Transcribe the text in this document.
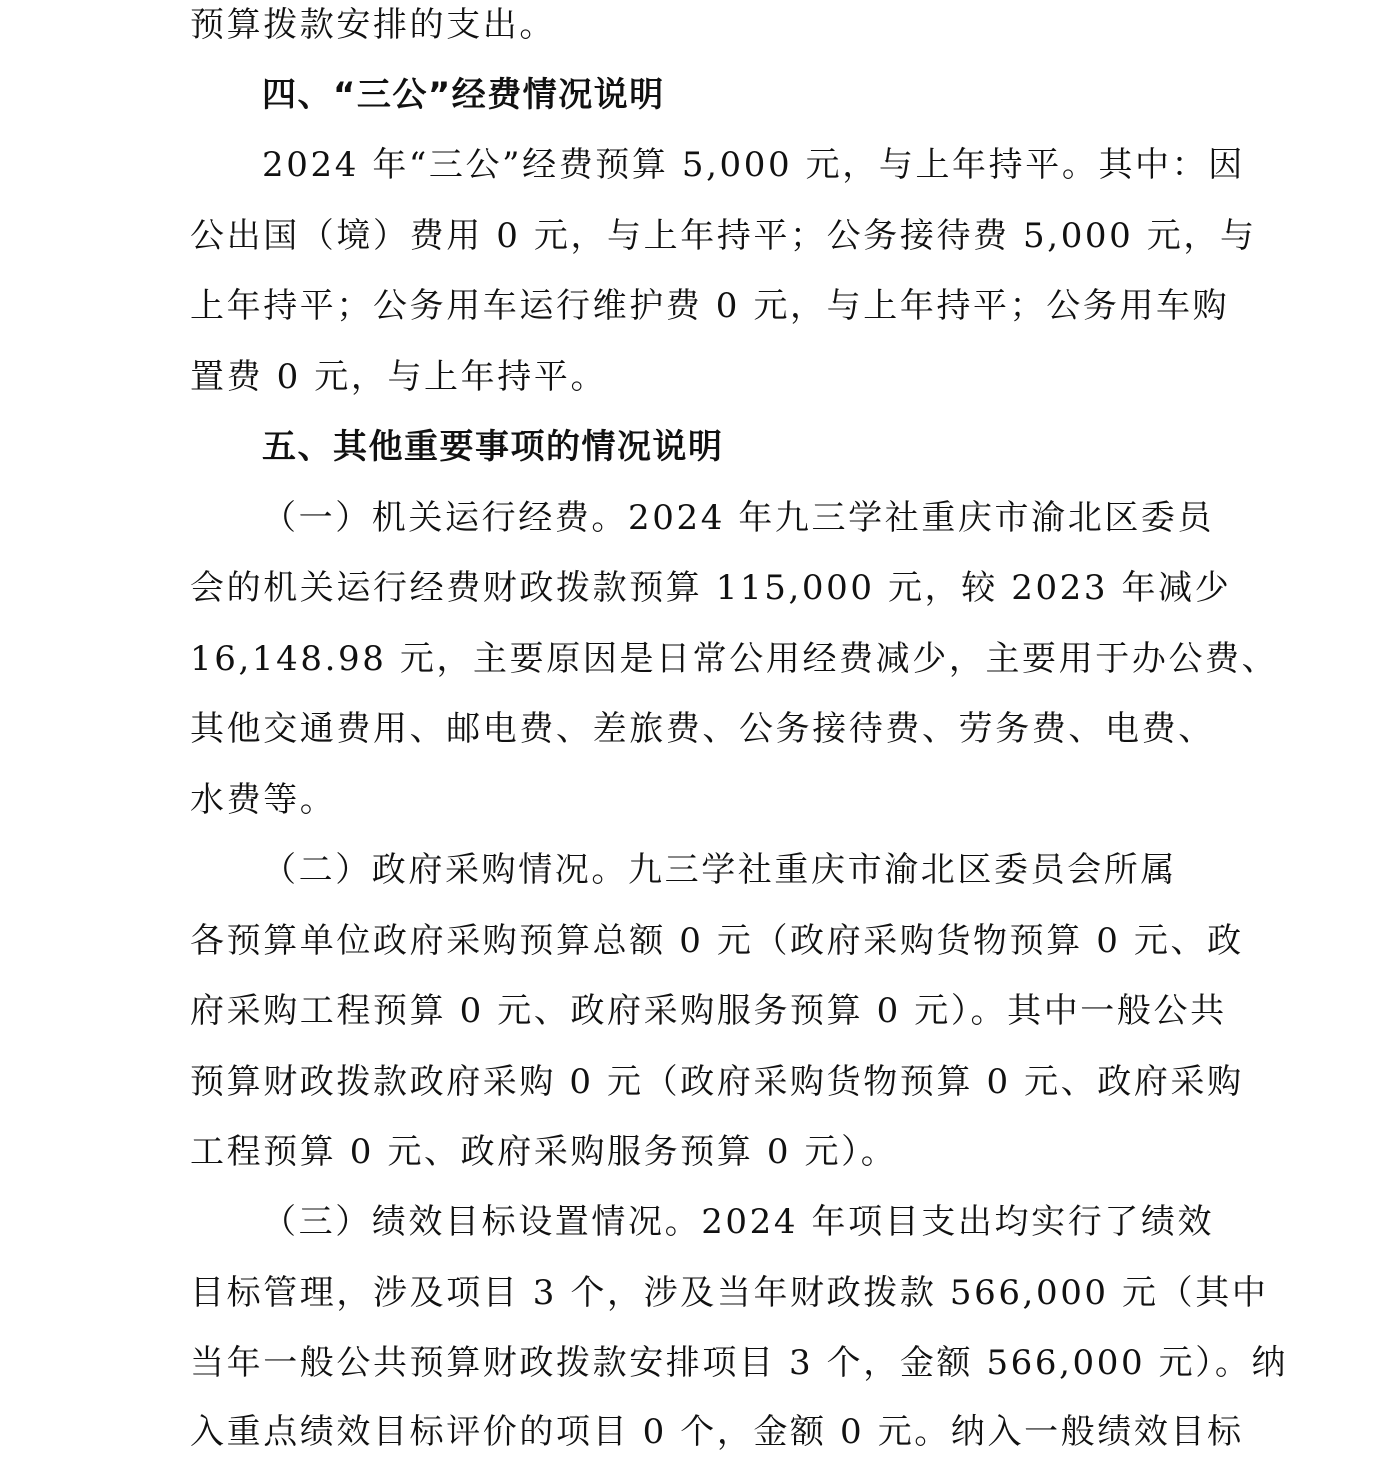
预算拨款安排的支出。

四、“三公”经费情况说明

2024 年“三公”经费预算 5,000 元，与上年持平。其中：因

公出国（境）费用 0 元，与上年持平；公务接待费 5,000 元，与

上年持平；公务用车运行维护费 0 元，与上年持平；公务用车购

置费 0 元，与上年持平。

五、其他重要事项的情况说明

（一）机关运行经费。2024 年九三学社重庆市渝北区委员

会的机关运行经费财政拨款预算 115,000 元，较 2023 年减少

16,148.98 元，主要原因是日常公用经费减少，主要用于办公费、

其他交通费用、邮电费、差旅费、公务接待费、劳务费、电费、

水费等。

（二）政府采购情况。九三学社重庆市渝北区委员会所属

各预算单位政府采购预算总额 0 元（政府采购货物预算 0 元、政

府采购工程预算 0 元、政府采购服务预算 0 元）。其中一般公共

预算财政拨款政府采购 0 元（政府采购货物预算 0 元、政府采购

工程预算 0 元、政府采购服务预算 0 元）。

（三）绩效目标设置情况。2024 年项目支出均实行了绩效

目标管理，涉及项目 3 个，涉及当年财政拨款 566,000 元（其中

当年一般公共预算财政拨款安排项目 3 个，金额 566,000 元）。纳

入重点绩效目标评价的项目 0 个，金额 0 元。纳入一般绩效目标
